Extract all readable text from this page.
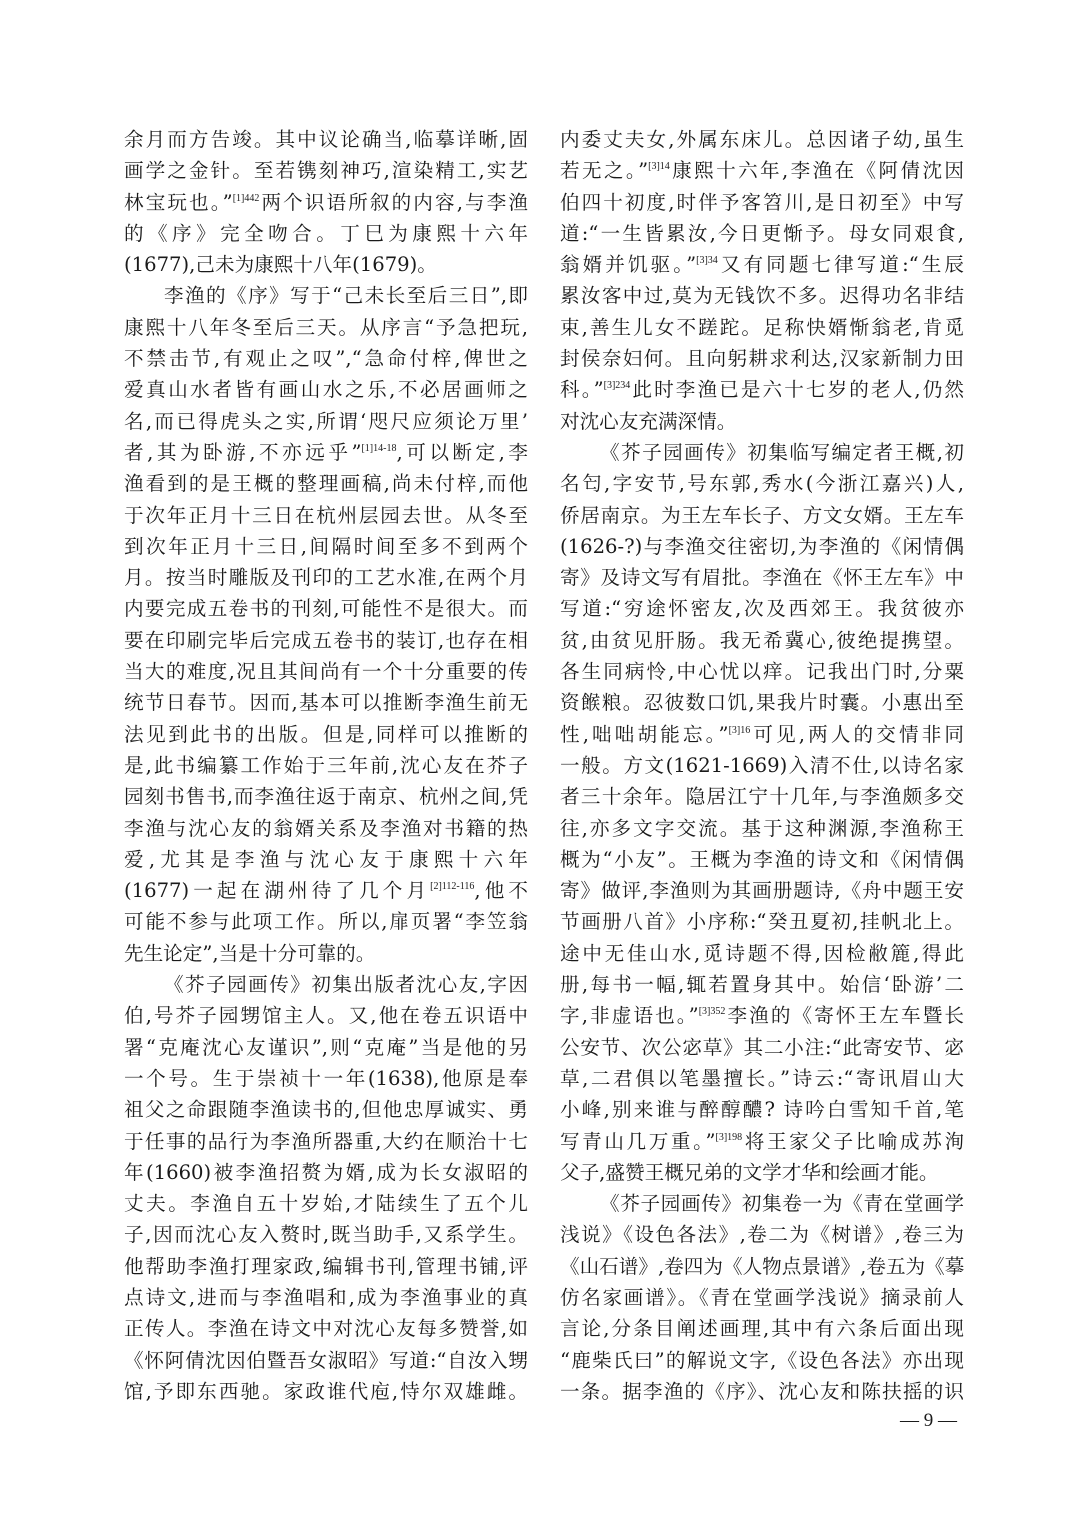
余月而方告竣。其中议论确当,临摹详晰,固
画学之金针。至若镌刻神巧,渲染精工,实艺
林宝玩也。”$^{[1]442}$两个识语所叙的内容,与李渔
的《序》完全吻合。丁巳为康熙十六年
(1677),己未为康熙十八年(1679)。
李渔的《序》写于“己未长至后三日”,即
康熙十八年冬至后三天。从序言“予急把玩,
不禁击节,有观止之叹”,“急命付梓,俾世之
爱真山水者皆有画山水之乐,不必居画师之
名,而已得虎头之实,所谓‘咫尺应须论万里’
者,其为卧游,不亦远乎”$^{[1]14-18}$,可以断定,李
渔看到的是王概的整理画稿,尚未付梓,而他
于次年正月十三日在杭州层园去世。从冬至
到次年正月十三日,间隔时间至多不到两个
月。按当时雕版及刊印的工艺水准,在两个月
内要完成五卷书的刊刻,可能性不是很大。而
要在印刷完毕后完成五卷书的装订,也存在相
当大的难度,况且其间尚有一个十分重要的传
统节日春节。因而,基本可以推断李渔生前无
法见到此书的出版。但是,同样可以推断的
是,此书编纂工作始于三年前,沈心友在芥子
园刻书售书,而李渔往返于南京、杭州之间,凭
李渔与沈心友的翁婿关系及李渔对书籍的热
爱,尤其是李渔与沈心友于康熙十六年
(1677)一起在湖州待了几个月$^{[2]112-116}$,他不
可能不参与此项工作。所以,扉页署“李笠翁
先生论定”,当是十分可靠的。
《芥子园画传》初集出版者沈心友,字因
伯,号芥子园甥馆主人。又,他在卷五识语中
署“克庵沈心友谨识”,则“克庵”当是他的另
一个号。生于崇祯十一年(1638),他原是奉
祖父之命跟随李渔读书的,但他忠厚诚实、勇
于任事的品行为李渔所器重,大约在顺治十七
年(1660)被李渔招赘为婿,成为长女淑昭的
丈夫。李渔自五十岁始,才陆续生了五个儿
子,因而沈心友入赘时,既当助手,又系学生。
他帮助李渔打理家政,编辑书刊,管理书铺,评
点诗文,进而与李渔唱和,成为李渔事业的真
正传人。李渔在诗文中对沈心友每多赞誉,如
《怀阿倩沈因伯暨吾女淑昭》写道:“自汝入甥
馆,予即东西驰。家政谁代庖,恃尔双雄雌。
内委丈夫女,外属东床儿。总因诸子幼,虽生
若无之。”$^{[3]14}$康熙十六年,李渔在《阿倩沈因
伯四十初度,时伴予客笤川,是日初至》中写
道:“一生皆累汝,今日更惭予。母女同艰食,
翁婿并饥驱。”$^{[3]34}$又有同题七律写道:“生辰
累汝客中过,莫为无钱饮不多。迟得功名非结
束,善生儿女不蹉跎。足称快婿惭翁老,肯觅
封侯奈妇何。且向躬耕求利达,汉家新制力田
科。”$^{[3]234}$此时李渔已是六十七岁的老人,仍然
对沈心友充满深情。
《芥子园画传》初集临写编定者王概,初
名匄,字安节,号东郭,秀水(今浙江嘉兴)人,
侨居南京。为王左车长子、方文女婿。王左车
(1626-?)与李渔交往密切,为李渔的《闲情偶
寄》及诗文写有眉批。李渔在《怀王左车》中
写道:“穷途怀密友,次及西郊王。我贫彼亦
贫,由贫见肝肠。我无希冀心,彼绝提携望。
各生同病怜,中心忧以痒。记我出门时,分粟
资餱粮。忍彼数口饥,果我片时囊。小惠出至
性,咄咄胡能忘。”$^{[3]16}$可见,两人的交情非同
一般。方文(1621-1669)入清不仕,以诗名家
者三十余年。隐居江宁十几年,与李渔颇多交
往,亦多文字交流。基于这种渊源,李渔称王
概为“小友”。王概为李渔的诗文和《闲情偶
寄》做评,李渔则为其画册题诗,《舟中题王安
节画册八首》小序称:“癸丑夏初,挂帆北上。
途中无佳山水,觅诗题不得,因检敝簏,得此
册,每书一幅,辄若置身其中。始信‘卧游’二
字,非虚语也。”$^{[3]352}$李渔的《寄怀王左车暨长
公安节、次公宓草》其二小注:“此寄安节、宓
草,二君俱以笔墨擅长。”诗云:“寄讯眉山大
小峰,别来谁与醉醇醲? 诗吟白雪知千首,笔
写青山几万重。”$^{[3]198}$将王家父子比喻成苏洵
父子,盛赞王概兄弟的文学才华和绘画才能。
《芥子园画传》初集卷一为《青在堂画学
浅说》《设色各法》,卷二为《树谱》,卷三为
《山石谱》,卷四为《人物点景谱》,卷五为《摹
仿名家画谱》。《青在堂画学浅说》摘录前人
言论,分条目阐述画理,其中有六条后面出现
“鹿柴氏曰”的解说文字,《设色各法》亦出现
一条。据李渔的《序》、沈心友和陈扶摇的识
— 9 —
